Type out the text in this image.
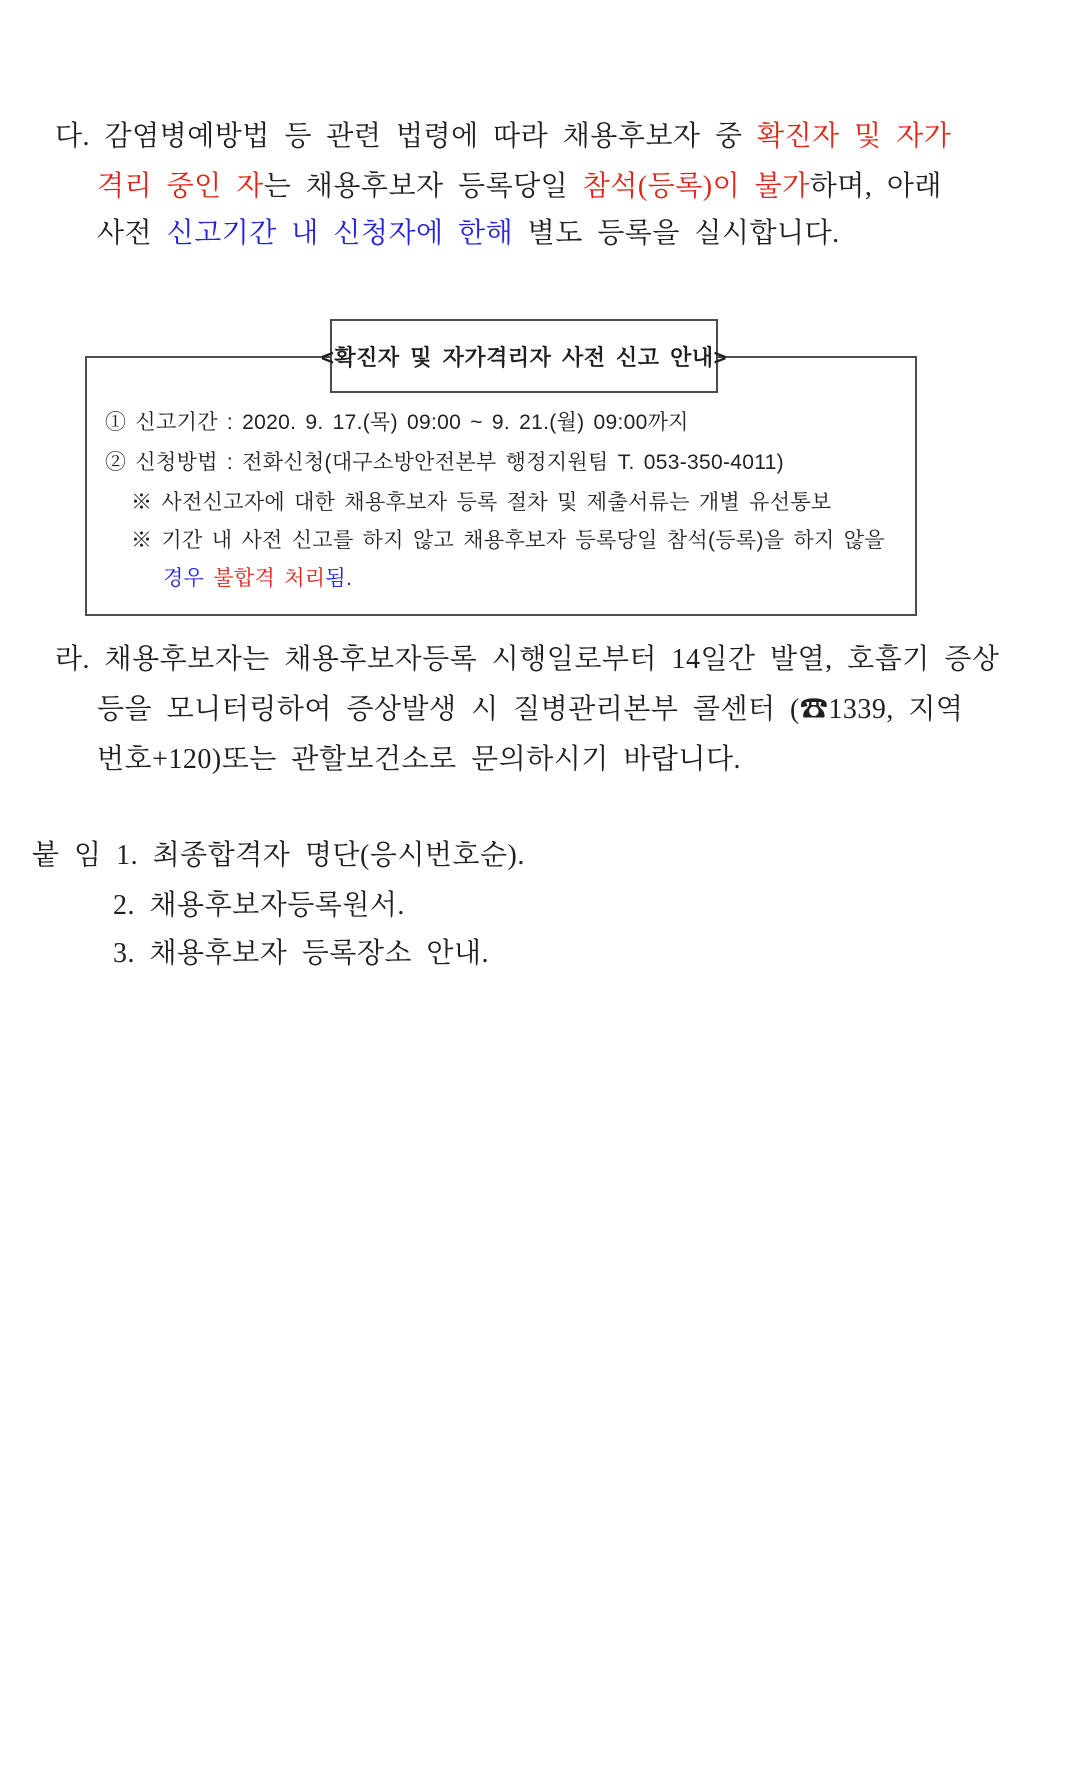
다. 감염병예방법 등 관련 법령에 따라 채용후보자 중 확진자 및 자가
격리 중인 자는 채용후보자 등록당일 참석(등록)이 불가하며, 아래
사전 신고기간 내 신청자에 한해 별도 등록을 실시합니다.
<확진자 및 자가격리자 사전 신고 안내>
① 신고기간 : 2020. 9. 17.(목) 09:00 ~ 9. 21.(월) 09:00까지
② 신청방법 : 전화신청(대구소방안전본부 행정지원팀 T. 053-350-4011)
※ 사전신고자에 대한 채용후보자 등록 절차 및 제출서류는 개별 유선통보
※ 기간 내 사전 신고를 하지 않고 채용후보자 등록당일 참석(등록)을 하지 않을
경우 불합격 처리됨.
라. 채용후보자는 채용후보자등록 시행일로부터 14일간 발열, 호흡기 증상
등을 모니터링하여 증상발생 시 질병관리본부 콜센터 (☎1339, 지역
번호+120)또는 관할보건소로 문의하시기 바랍니다.
붙 임 1. 최종합격자 명단(응시번호순).
2. 채용후보자등록원서.
3. 채용후보자 등록장소 안내.
